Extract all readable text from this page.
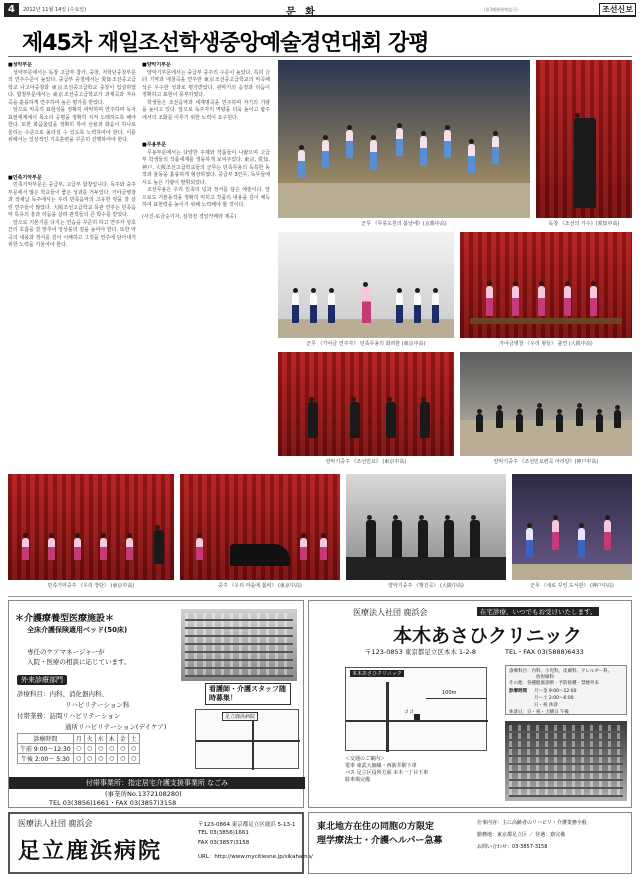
4	2012년 11월 14일 (수요일)	문 화	(第3種郵便物認可)	조선신보
제45차 재일조선학생중앙예술경연대회 강평
■성악부문

성악부문에서는 독창 고급부 참가, 중창, 저학년중창부문의 연주수준이 높았다. 중급부 중창에서는 愛知조선중고급학교 나고야중창과 東京조선중고급학교 중창이 입상하였다. 합창부문에서는 東京조선중고급학교가 과제곡과 자유곡을 훌륭하게 연주하여 높은 평가를 받았다.

앞으로 악곡의 표현성을 정확히 파악하며 연주하며 독자 표현세계에서 목소리 공명을 정확히 지켜 노래하도록 해야 한다. 또한 화음울림을 정확히 하여 선율과 화음이 하나로 울리는 수준으로 올라설 수 있도록 노력하여야 한다. 이를 위해서는 일상적인 기초훈련을 꾸준히 진행하여야 한다.

■민족기악부문

민족기악부문은 중급부, 고급부 합창입니다. 독주와 중주부문에서 많은 학교들이 좋은 성과를 거두었다. 가야금병창과 장새납 독주에서는 우리 민족음악의 고유한 멋을 잘 살린 연주들이 많았다. 大阪조선고급학교 목관 연주는 민족음악 특유의 흥과 리듬을 살려 관객들의 큰 박수를 받았다.

앞으로 기본기를 다지는 연습을 꾸준히 하고 연주자 상호간의 호흡을 잘 맞추어 앙상블의 질을 높여야 한다. 또한 악곡의 내용과 정서를 깊이 이해하고 그것을 연주에 담아내기 위한 노력을 기울여야 한다.

■양악기부문

양악기부문에서는 중급부 중주의 수준이 높았다. 특히 合同 기악과 애창곡을 연주한 東京조선중고급학교의 악곡해석은 우수한 성과로 평가받았다. 관악기의 음정과 리듬이 정확하고 표현이 풍부하였다.

학생들은 조선음악과 세계명곡을 연주하며 자기의 기량을 높이고 있다. 앞으로 독주자의 역량을 더욱 높이고 합주에서의 조화를 이루기 위한 노력이 요구된다.

■무용부문

무용부문에서는 다양한 주제와 작품들이 나왔으며 고급부 학생들의 작품세계를 생동하게 보여주었다. 東京, 愛知, 神戸, 大阪조선고급학교들의 군무는 민족무용의 독특한 동작과 율동을 훌륭하게 형상하였다. 중급부 3인무, 독무들에서도 높은 기량이 발휘되었다.

조선무용은 우리 민족의 넋과 정서를 담은 예술이다. 앞으로도 기본동작을 정확히 익히고 작품의 내용을 깊이 체득하여 표현력을 높이기 위해 노력해야 할 것이다.

(사진-로금순기자, 심학전 경일카메라 제공)

군무 《무릉도원의 봄날에》(京都中高)	독창 《조선의 가수》(愛知中高)
군무 《가야금 연주자》 민족무용의 화려한 (東京中高)	가야금병창 《우리 형들》 출연 (大阪中高)
양악기중주 《조선민요》 (東京中高)	양악기중주 《조선민요련곡 아리랑》(神戸中高)
민족기악중주 《우리 장단》 (東京中高)	중주 《우리 마을에 봄비》 (東京中高)	양악기중주 《행진곡》 (大阪中高)	군무 《새로 꾸린 도서관》 (神戸中高)
＊介護療養型医療施設＊
全床介護保険適用ベッド(50床)
専任のケアマネージャーが
入院・医療の相談に応じています。
外来診療部門
診療科目：内科、消化器内科、
リハビリテーション科
付帯業務：訪問リハビリテーション
通所リハビリテーション(デイケア)
診療時間	月	火	水	木	金	土
午前 9:00〜12:30	○	○	○	○	○	○
午後 2:00〜 5:30	○	○	○	○	○	○
看護師・介護スタッフ随時募集！
足立鹿浜病院
付帯事業所：指定居宅介護支援事業所 なごみ
(事業所No.1372108280)
TEL 03(3856)1661・FAX 03(3857)3158
医療法人社団 鹿浜会	在宅診療、いつでもお受けいたします。
本木あさひクリニック
〒123-0853 東京都足立区本木 1-2-8	TEL・FAX 03(5888)6433
本木あさひクリニック
100m
ココ
＜交通のご案内＞
電車 東武大師線・西新井駅下車
バス 足立区役所方面 本木一丁目下車
駐車場完備
診療科目：内科、小児科、皮膚科、アレルギー科、
放射線科
その他：各種健康診断・予防接種・禁煙外来
診療時間 月〜金 9:00〜12:00
月〜土 2:00〜6:00
日・祝 休診
休診日：日・祝・土曜日 午後
医療法人社団 鹿浜会
足立鹿浜病院
〒123-0864 東京都足立区鹿浜 5-13-1
TEL 03(3856)1661
FAX 03(3857)3158
URL：http://www.mycitiesne.jp/sikahama/
東北地方在住の同胞の方限定
理学療法士・介護ヘルパー急募
仕事内容：主に高齢者のリハビリ・介護業務全般
勤務地：東京都足立区 ／ 待遇：寮完備
お問い合わせ：03-3857-3158
